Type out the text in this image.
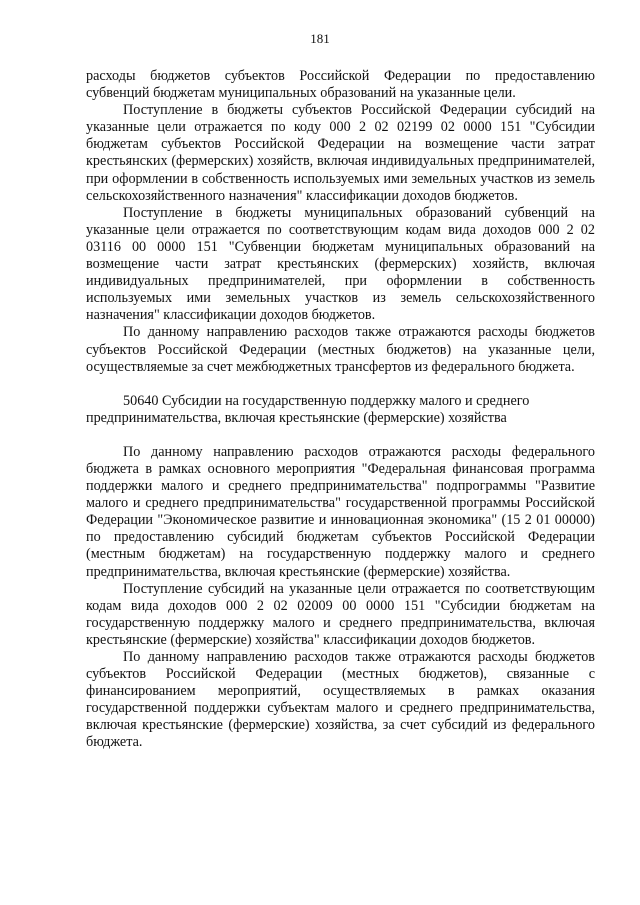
181

расходы бюджетов субъектов Российской Федерации по предоставлению субвенций бюджетам муниципальных образований на указанные цели.

Поступление в бюджеты субъектов Российской Федерации субсидий на указанные цели отражается по коду 000 2 02 02199 02 0000 151 "Субсидии бюджетам субъектов Российской Федерации на возмещение части затрат крестьянских (фермерских) хозяйств, включая индивидуальных предпринимателей, при оформлении в собственность используемых ими земельных участков из земель сельскохозяйственного назначения" классификации доходов бюджетов.

Поступление в бюджеты муниципальных образований субвенций на указанные цели отражается по соответствующим кодам вида доходов 000 2 02 03116 00 0000 151 "Субвенции бюджетам муниципальных образований на возмещение части затрат крестьянских (фермерских) хозяйств, включая индивидуальных предпринимателей, при оформлении в собственность используемых ими земельных участков из земель сельскохозяйственного назначения" классификации доходов бюджетов.

По данному направлению расходов также отражаются расходы бюджетов субъектов Российской Федерации (местных бюджетов) на указанные цели, осуществляемые за счет межбюджетных трансфертов из федерального бюджета.

50640 Субсидии на государственную поддержку малого и среднего предпринимательства, включая крестьянские (фермерские) хозяйства

По данному направлению расходов отражаются расходы федерального бюджета в рамках основного мероприятия "Федеральная финансовая программа поддержки малого и среднего предпринимательства" подпрограммы "Развитие малого и среднего предпринимательства" государственной программы Российской Федерации "Экономическое развитие и инновационная экономика" (15 2 01 00000) по предоставлению субсидий бюджетам субъектов Российской Федерации (местным бюджетам) на государственную поддержку малого и среднего предпринимательства, включая крестьянские (фермерские) хозяйства.

Поступление субсидий на указанные цели отражается по соответствующим кодам вида доходов 000 2 02 02009 00 0000 151 "Субсидии бюджетам на государственную поддержку малого и среднего предпринимательства, включая крестьянские (фермерские) хозяйства" классификации доходов бюджетов.

По данному направлению расходов также отражаются расходы бюджетов субъектов Российской Федерации (местных бюджетов), связанные с финансированием мероприятий, осуществляемых в рамках оказания государственной поддержки субъектам малого и среднего предпринимательства, включая крестьянские (фермерские) хозяйства, за счет субсидий из федерального бюджета.
